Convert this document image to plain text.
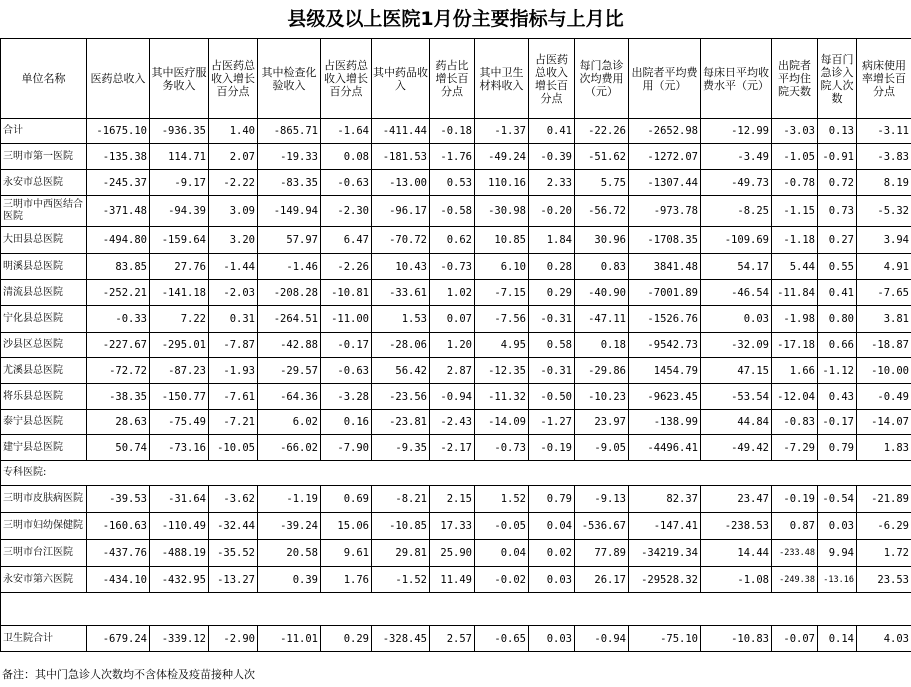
县级及以上医院1月份主要指标与上月比
单位名称	医药总收入	其中医疗服务收入	占医药总收入增长百分点	其中检查化验收入	占医药总收入增长百分点	其中药品收入	药占比增长百分点	其中卫生材料收入	占医药总收入增长百分点	每门急诊次均费用（元）	出院者平均费用（元）	每床日平均收费水平（元）	出院者平均住院天数	每百门急诊入院人次数	病床使用率增长百分点
合计	-1675.10	-936.35	1.40	-865.71	-1.64	-411.44	-0.18	-1.37	0.41	-22.26	-2652.98	-12.99	-3.03	0.13	-3.11
三明市第一医院	-135.38	114.71	2.07	-19.33	0.08	-181.53	-1.76	-49.24	-0.39	-51.62	-1272.07	-3.49	-1.05	-0.91	-3.83
永安市总医院	-245.37	-9.17	-2.22	-83.35	-0.63	-13.00	0.53	110.16	2.33	5.75	-1307.44	-49.73	-0.78	0.72	8.19
三明市中西医结合医院	-371.48	-94.39	3.09	-149.94	-2.30	-96.17	-0.58	-30.98	-0.20	-56.72	-973.78	-8.25	-1.15	0.73	-5.32
大田县总医院	-494.80	-159.64	3.20	57.97	6.47	-70.72	0.62	10.85	1.84	30.96	-1708.35	-109.69	-1.18	0.27	3.94
明溪县总医院	83.85	27.76	-1.44	-1.46	-2.26	10.43	-0.73	6.10	0.28	0.83	3841.48	54.17	5.44	0.55	4.91
清流县总医院	-252.21	-141.18	-2.03	-208.28	-10.81	-33.61	1.02	-7.15	0.29	-40.90	-7001.89	-46.54	-11.84	0.41	-7.65
宁化县总医院	-0.33	7.22	0.31	-264.51	-11.00	1.53	0.07	-7.56	-0.31	-47.11	-1526.76	0.03	-1.98	0.80	3.81
沙县区总医院	-227.67	-295.01	-7.87	-42.88	-0.17	-28.06	1.20	4.95	0.58	0.18	-9542.73	-32.09	-17.18	0.66	-18.87
尤溪县总医院	-72.72	-87.23	-1.93	-29.57	-0.63	56.42	2.87	-12.35	-0.31	-29.86	1454.79	47.15	1.66	-1.12	-10.00
将乐县总医院	-38.35	-150.77	-7.61	-64.36	-3.28	-23.56	-0.94	-11.32	-0.50	-10.23	-9623.45	-53.54	-12.04	0.43	-0.49
泰宁县总医院	28.63	-75.49	-7.21	6.02	0.16	-23.81	-2.43	-14.09	-1.27	23.97	-138.99	44.84	-0.83	-0.17	-14.07
建宁县总医院	50.74	-73.16	-10.05	-66.02	-7.90	-9.35	-2.17	-0.73	-0.19	-9.05	-4496.41	-49.42	-7.29	0.79	1.83
专科医院:															
三明市皮肤病医院	-39.53	-31.64	-3.62	-1.19	0.69	-8.21	2.15	1.52	0.79	-9.13	82.37	23.47	-0.19	-0.54	-21.89
三明市妇幼保健院	-160.63	-110.49	-32.44	-39.24	15.06	-10.85	17.33	-0.05	0.04	-536.67	-147.41	-238.53	0.87	0.03	-6.29
三明市台江医院	-437.76	-488.19	-35.52	20.58	9.61	29.81	25.90	0.04	0.02	77.89	-34219.34	14.44	-233.48	9.94	1.72
永安市第六医院	-434.10	-432.95	-13.27	0.39	1.76	-1.52	11.49	-0.02	0.03	26.17	-29528.32	-1.08	-249.38	-13.16	23.53

卫生院合计	-679.24	-339.12	-2.90	-11.01	0.29	-328.45	2.57	-0.65	0.03	-0.94	-75.10	-10.83	-0.07	0.14	4.03
备注：其中门急诊人次数均不含体检及疫苗接种人次
